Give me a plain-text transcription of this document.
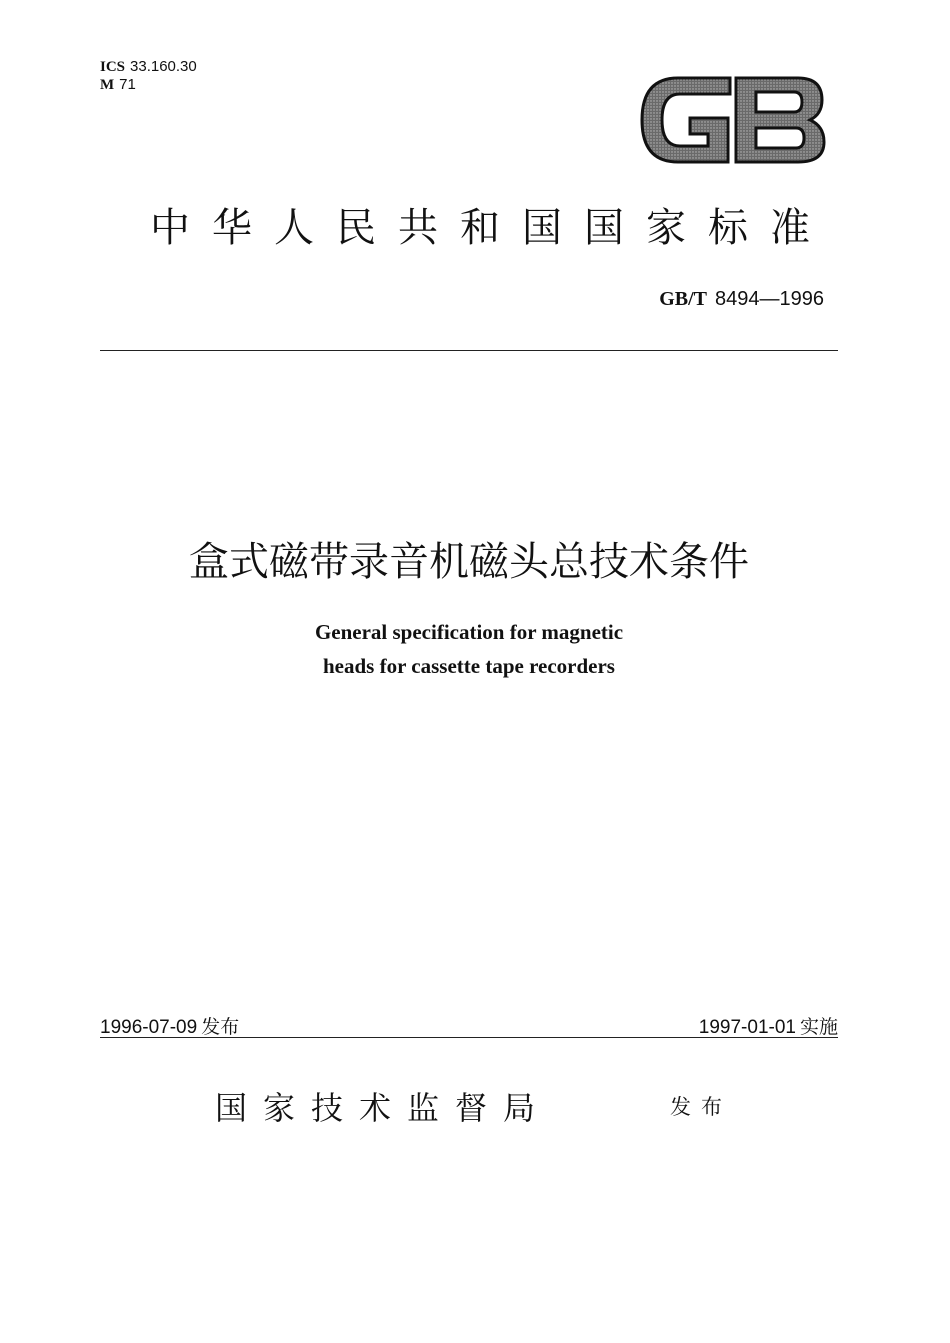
ICS 33.160.30
M 71
中华人民共和国国家标准
GB/T 8494—1996
盒式磁带录音机磁头总技术条件
General specification for magnetic
heads for cassette tape recorders
1996-07-09 发布	1997-01-01 实施
国家技术监督局	发布
